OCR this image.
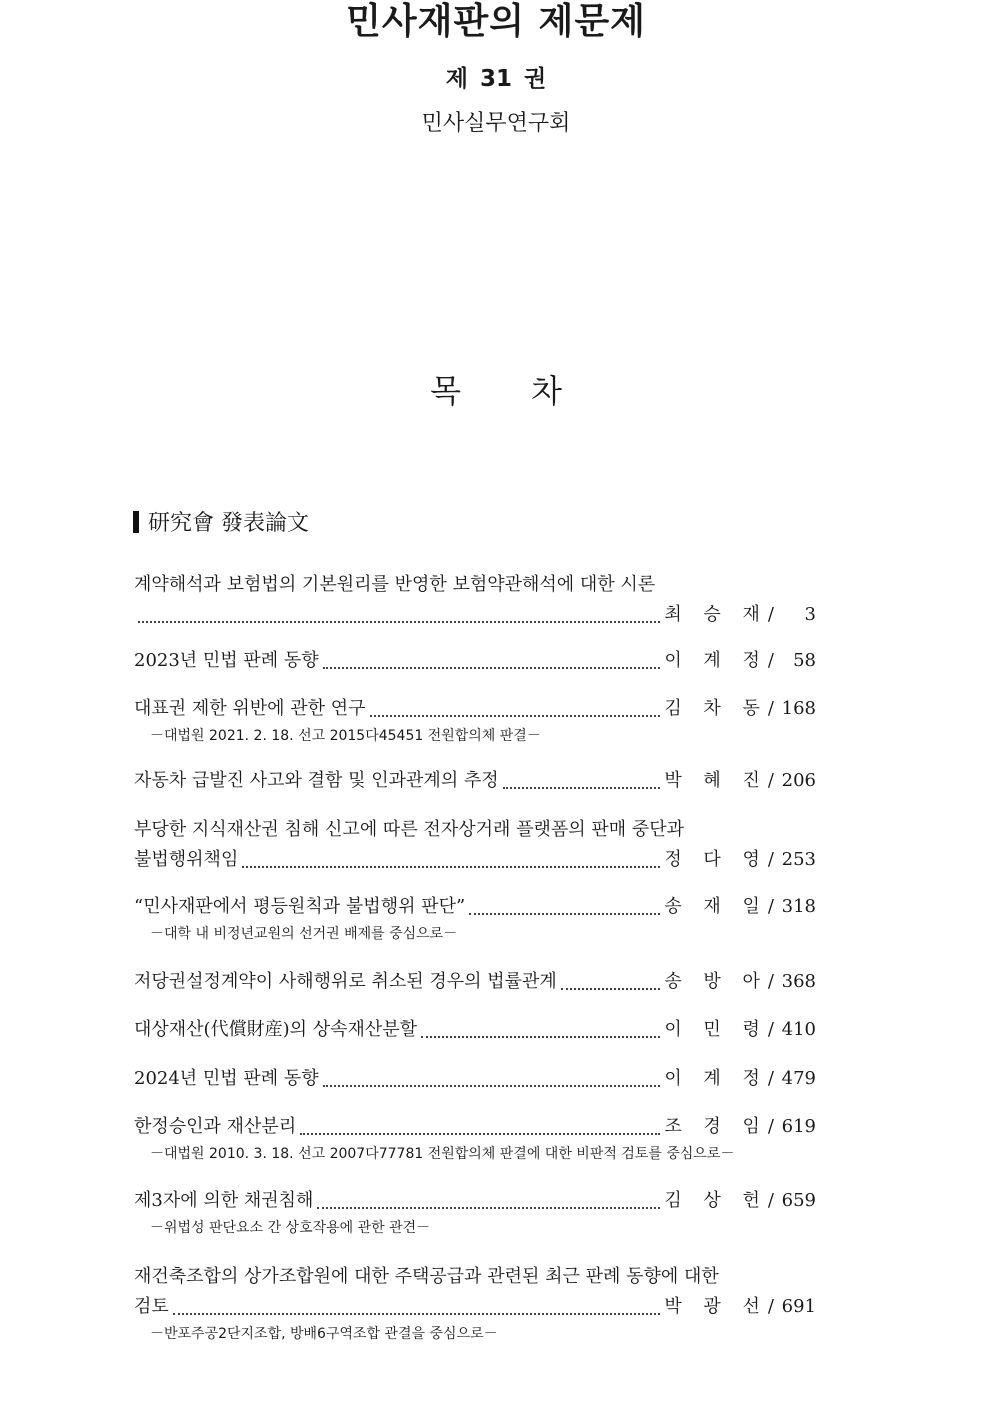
민사재판의 제문제
제 31 권
민사실무연구회
목차
研究會 發表論文
계약해석과 보험법의 기본원리를 반영한 보험약관해석에 대한 시론
최 승 재 /	3
2023년 민법 판례 동향	이 계 정 /	58
대표권 제한 위반에 관한 연구	김 차 동 / 168
－대법원 2021. 2. 18. 선고 2015다45451 전원합의체 판결－
자동차 급발진 사고와 결함 및 인과관계의 추정	박 혜 진 / 206
부당한 지식재산권 침해 신고에 따른 전자상거래 플랫폼의 판매 중단과
불법행위책임	정 다 영 / 253
“민사재판에서 평등원칙과 불법행위 판단”	송 재 일 / 318
－대학 내 비정년교원의 선거권 배제를 중심으로－
저당권설정계약이 사해행위로 취소된 경우의 법률관계	송 방 아 / 368
대상재산(代償財産)의 상속재산분할	이 민 령 / 410
2024년 민법 판례 동향	이 계 정 / 479
한정승인과 재산분리	조 경 임 / 619
－대법원 2010. 3. 18. 선고 2007다77781 전원합의체 판결에 대한 비판적 검토를 중심으로－
제3자에 의한 채권침해	김 상 헌 / 659
－위법성 판단요소 간 상호작용에 관한 관견－
재건축조합의 상가조합원에 대한 주택공급과 관련된 최근 판례 동향에 대한
검토	박 광 선 / 691
－반포주공2단지조합, 방배6구역조합 관결을 중심으로－
